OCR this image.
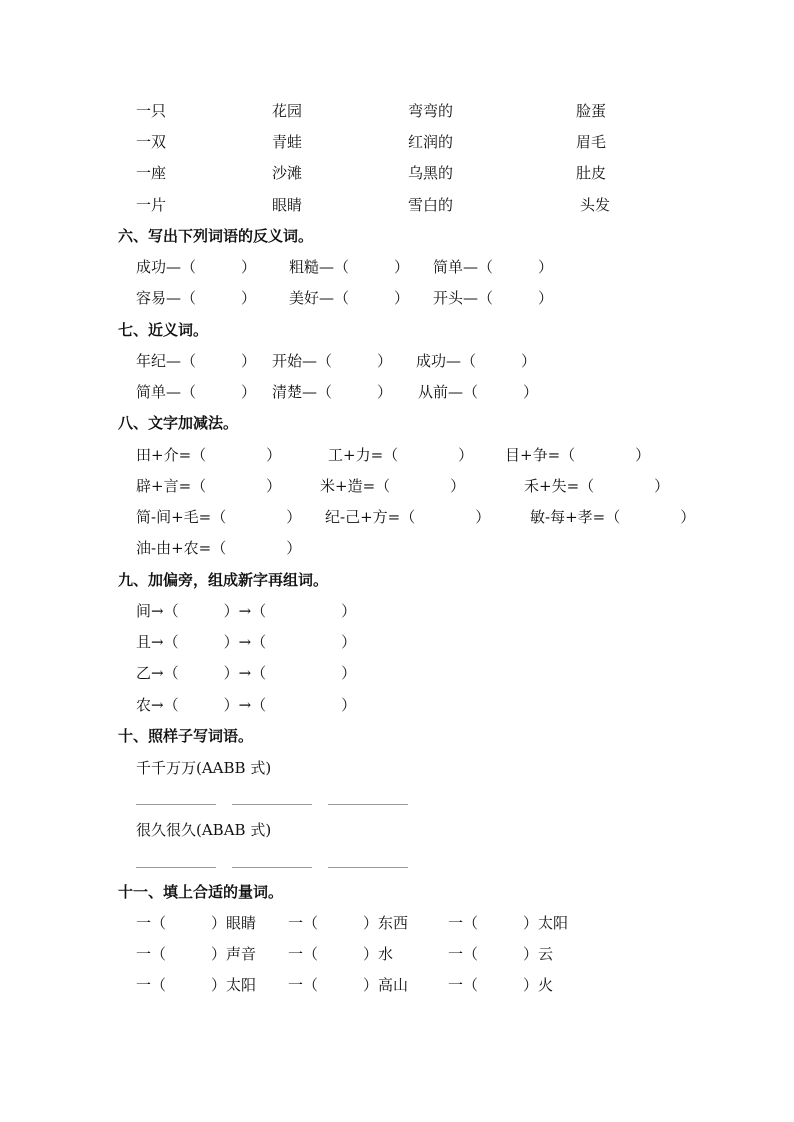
一只	花园	弯弯的	脸蛋
一双	青蛙	红润的	眉毛
一座	沙滩	乌黑的	肚皮
一片	眼睛	雪白的	头发
六、写出下列词语的反义词。
成功—（　　　） 粗糙—（　　　） 简单—（　　　）
容易—（　　　） 美好—（　　　） 开头—（　　　）
七、近义词。
年纪—（　　　） 开始—（　　　） 成功—（　　　）
简单—（　　　） 清楚—（　　　） 从前—（　　　）
八、文字加减法。
田+介=（　　　　）	工+力=（　　　　） 目+争=（　　　　）
辟+言=（　　　　）	米+造=（　　　　）	禾+失=（　　　　）
简-间+毛=（　　　　） 纪-己+方=（　　　　）	敏-每+孝=（　　　　）
油-由+农=（　　　　）
九、加偏旁，组成新字再组词。
间→（　　　）→（　　　　　）
且→（　　　）→（　　　　　）
乙→（　　　）→（　　　　　）
农→（　　　）→（　　　　　）
十、照样子写词语。
千千万万(AABB 式)
很久很久(ABAB 式)
十一、填上合适的量词。
一（　　　）眼睛 一（　　　）东西	一（　　　）太阳
一（　　　）声音 一（　　　）水	一（　　　）云
一（　　　）太阳 一（　　　）高山	一（　　　）火
